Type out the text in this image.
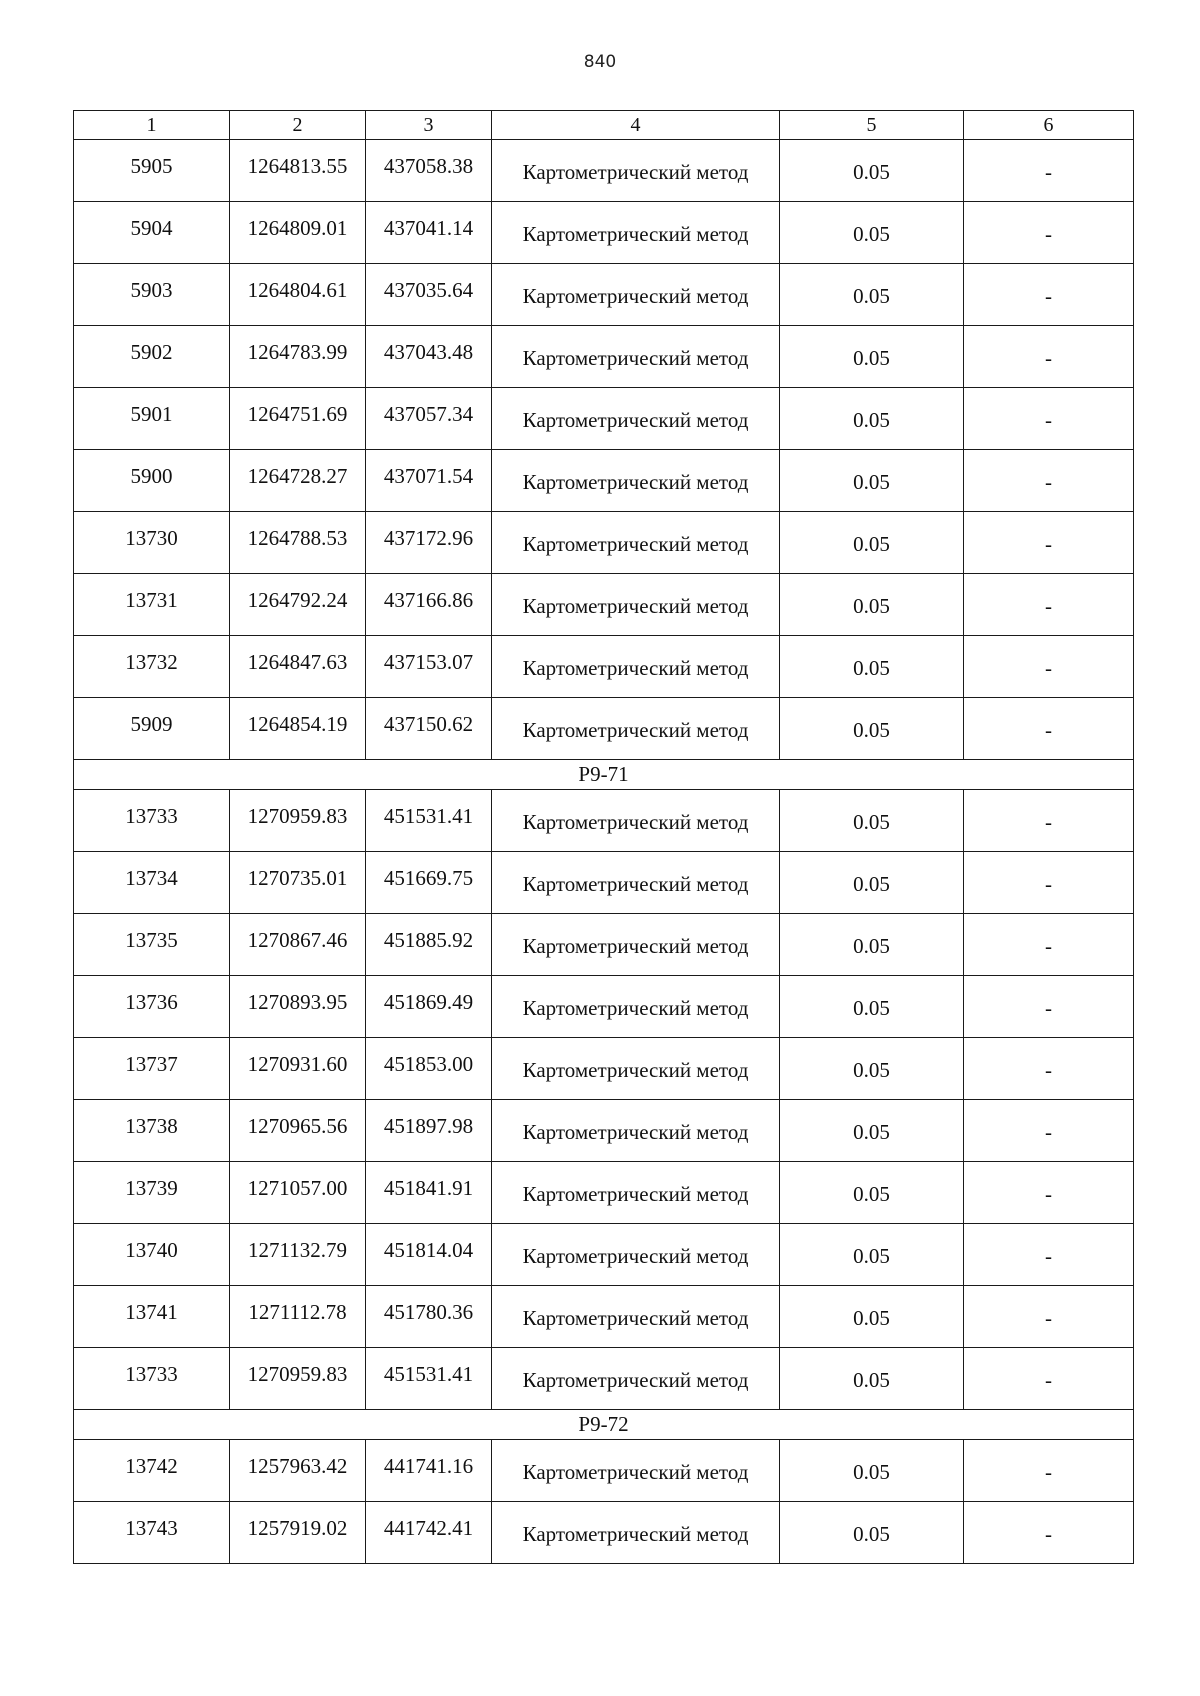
840
1	2	3	4	5	6
5905	1264813.55	437058.38	Картометрический метод	0.05	-
5904	1264809.01	437041.14	Картометрический метод	0.05	-
5903	1264804.61	437035.64	Картометрический метод	0.05	-
5902	1264783.99	437043.48	Картометрический метод	0.05	-
5901	1264751.69	437057.34	Картометрический метод	0.05	-
5900	1264728.27	437071.54	Картометрический метод	0.05	-
13730	1264788.53	437172.96	Картометрический метод	0.05	-
13731	1264792.24	437166.86	Картометрический метод	0.05	-
13732	1264847.63	437153.07	Картометрический метод	0.05	-
5909	1264854.19	437150.62	Картометрический метод	0.05	-
Р9-71					
13733	1270959.83	451531.41	Картометрический метод	0.05	-
13734	1270735.01	451669.75	Картометрический метод	0.05	-
13735	1270867.46	451885.92	Картометрический метод	0.05	-
13736	1270893.95	451869.49	Картометрический метод	0.05	-
13737	1270931.60	451853.00	Картометрический метод	0.05	-
13738	1270965.56	451897.98	Картометрический метод	0.05	-
13739	1271057.00	451841.91	Картометрический метод	0.05	-
13740	1271132.79	451814.04	Картометрический метод	0.05	-
13741	1271112.78	451780.36	Картометрический метод	0.05	-
13733	1270959.83	451531.41	Картометрический метод	0.05	-
Р9-72					
13742	1257963.42	441741.16	Картометрический метод	0.05	-
13743	1257919.02	441742.41	Картометрический метод	0.05	-
